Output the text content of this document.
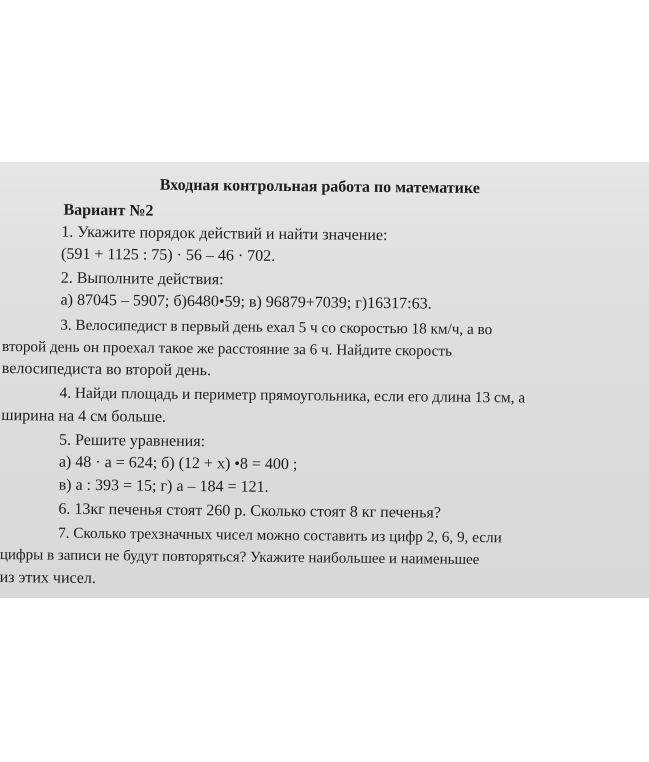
Входная контрольная работа по математике
Вариант №2
1. Укажите порядок действий и найти значение:
(591 + 1125 : 75) · 56 – 46 · 702.
2. Выполните действия:
а) 87045 – 5907; б)6480•59; в) 96879+7039; г)16317:63.
3. Велосипедист в первый день ехал 5 ч со скоростью 18 км/ч, а во
второй день он проехал такое же расстояние за 6 ч. Найдите скорость
велосипедиста во второй день.
4. Найди площадь и периметр прямоугольника, если его длина 13 см, а
ширина на 4 см больше.
5. Решите уравнения:
а) 48 · a = 624; б) (12 + x) •8 = 400 ;
в) a : 393 = 15; г) a – 184 = 121.
6. 13кг печенья стоят 260 р. Сколько стоят 8 кг печенья?
7. Сколько трехзначных чисел можно составить из цифр 2, 6, 9, если
цифры в записи не будут повторяться? Укажите наибольшее и наименьшее
из этих чисел.
